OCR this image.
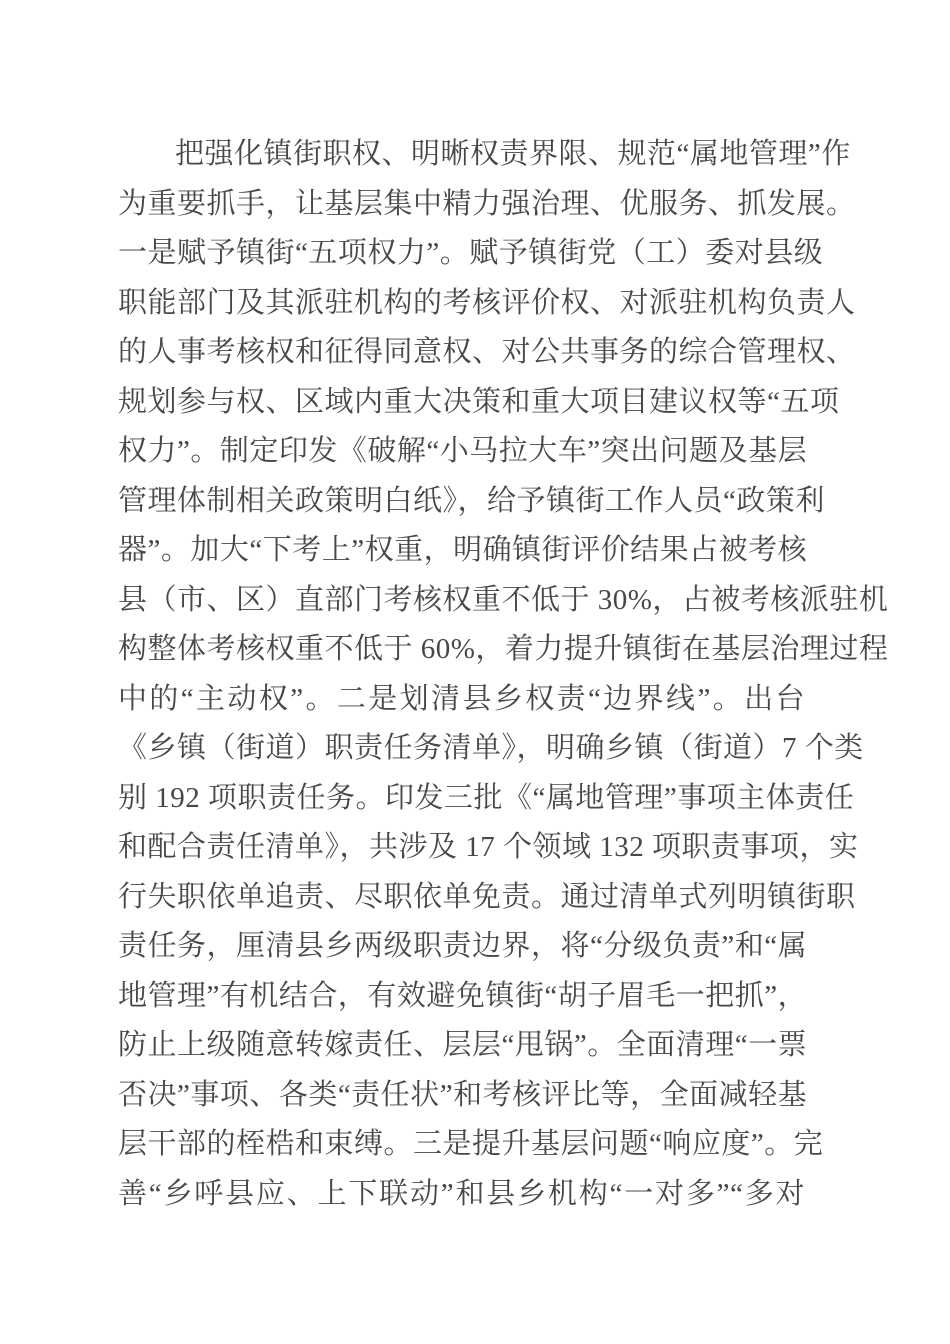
把强化镇街职权、明晰权责界限、规范“属地管理”作
为重要抓手，让基层集中精力强治理、优服务、抓发展。
一是赋予镇街“五项权力”。赋予镇街党（工）委对县级
职能部门及其派驻机构的考核评价权、对派驻机构负责人
的人事考核权和征得同意权、对公共事务的综合管理权、
规划参与权、区域内重大决策和重大项目建议权等“五项
权力”。制定印发《破解“小马拉大车”突出问题及基层
管理体制相关政策明白纸》，给予镇街工作人员“政策利
器”。加大“下考上”权重，明确镇街评价结果占被考核
县（市、区）直部门考核权重不低于 30%，占被考核派驻机
构整体考核权重不低于 60%，着力提升镇街在基层治理过程
中的“主动权”。二是划清县乡权责“边界线”。出台
《乡镇（街道）职责任务清单》，明确乡镇（街道）7 个类
别 192 项职责任务。印发三批《“属地管理”事项主体责任
和配合责任清单》，共涉及 17 个领域 132 项职责事项，实
行失职依单追责、尽职依单免责。通过清单式列明镇街职
责任务，厘清县乡两级职责边界，将“分级负责”和“属
地管理”有机结合，有效避免镇街“胡子眉毛一把抓”，
防止上级随意转嫁责任、层层“甩锅”。全面清理“一票
否决”事项、各类“责任状”和考核评比等，全面减轻基
层干部的桎梏和束缚。三是提升基层问题“响应度”。完
善“乡呼县应、上下联动”和县乡机构“一对多”“多对
